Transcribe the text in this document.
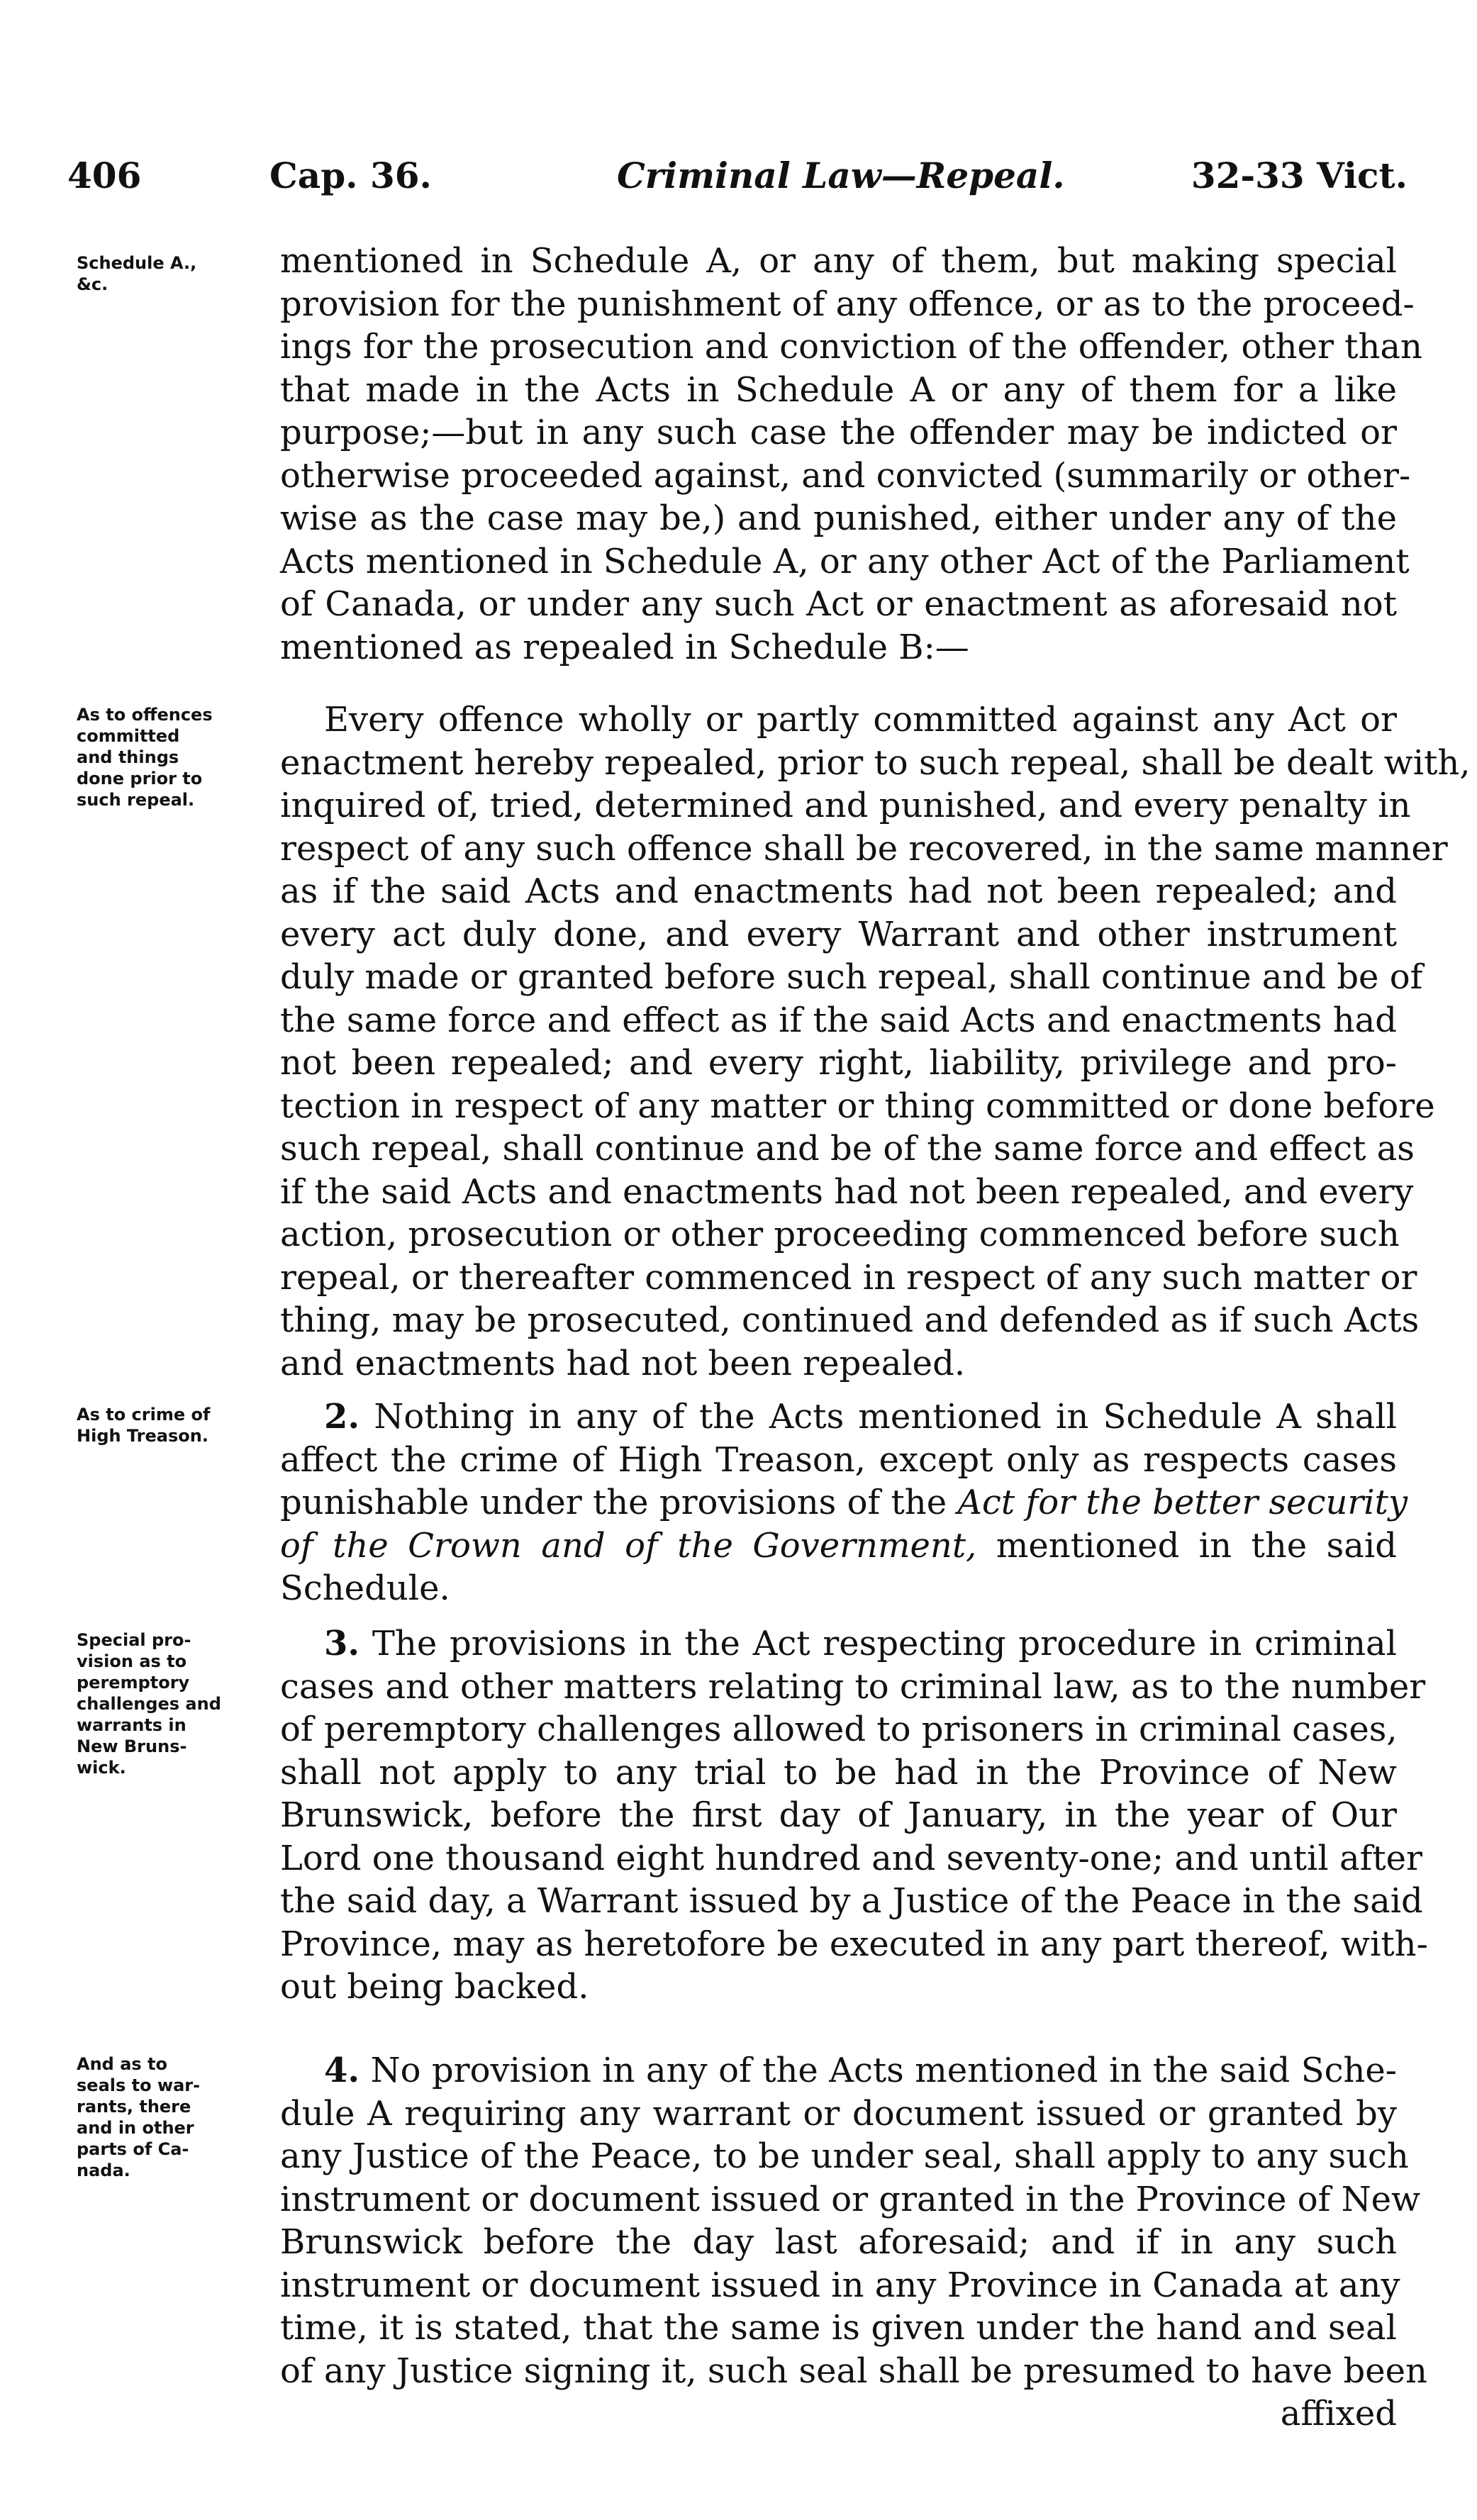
406	Cap. 36.	Criminal Law—Repeal.	32-33 Vict.
Schedule A.,
&c.
mentioned in Schedule A, or any of them, but making special
provision for the punishment of any offence, or as to the proceed-
ings for the prosecution and conviction of the offender, other than
that made in the Acts in Schedule A or any of them for a like
purpose;—but in any such case the offender may be indicted or
otherwise proceeded against, and convicted (summarily or other-
wise as the case may be,) and punished, either under any of the
Acts mentioned in Schedule A, or any other Act of the Parliament
of Canada, or under any such Act or enactment as aforesaid not
mentioned as repealed in Schedule B:—
As to offences
committed
and things
done prior to
such repeal.
Every offence wholly or partly committed against any Act or
enactment hereby repealed, prior to such repeal, shall be dealt with,
inquired of, tried, determined and punished, and every penalty in
respect of any such offence shall be recovered, in the same manner
as if the said Acts and enactments had not been repealed; and
every act duly done, and every Warrant and other instrument
duly made or granted before such repeal, shall continue and be of
the same force and effect as if the said Acts and enactments had
not been repealed; and every right, liability, privilege and pro-
tection in respect of any matter or thing committed or done before
such repeal, shall continue and be of the same force and effect as
if the said Acts and enactments had not been repealed, and every
action, prosecution or other proceeding commenced before such
repeal, or thereafter commenced in respect of any such matter or
thing, may be prosecuted, continued and defended as if such Acts
and enactments had not been repealed.
As to crime of
High Treason.	2. Nothing in any of the Acts mentioned in Schedule A shall
affect the crime of High Treason, except only as respects cases
punishable under the provisions of the Act for the better security
of the Crown and of the Government, mentioned in the said
Schedule.
Special pro-
vision as to
peremptory
challenges and
warrants in
New Bruns-
wick.
3. The provisions in the Act respecting procedure in criminal
cases and other matters relating to criminal law, as to the number
of peremptory challenges allowed to prisoners in criminal cases,
shall not apply to any trial to be had in the Province of New
Brunswick, before the first day of January, in the year of Our
Lord one thousand eight hundred and seventy-one; and until after
the said day, a Warrant issued by a Justice of the Peace in the said
Province, may as heretofore be executed in any part thereof, with-
out being backed.
And as to
seals to war-
rants, there
and in other
parts of Ca-
nada.
4. No provision in any of the Acts mentioned in the said Sche-
dule A requiring any warrant or document issued or granted by
any Justice of the Peace, to be under seal, shall apply to any such
instrument or document issued or granted in the Province of New
Brunswick before the day last aforesaid; and if in any such
instrument or document issued in any Province in Canada at any
time, it is stated, that the same is given under the hand and seal
of any Justice signing it, such seal shall be presumed to have been
affixed
